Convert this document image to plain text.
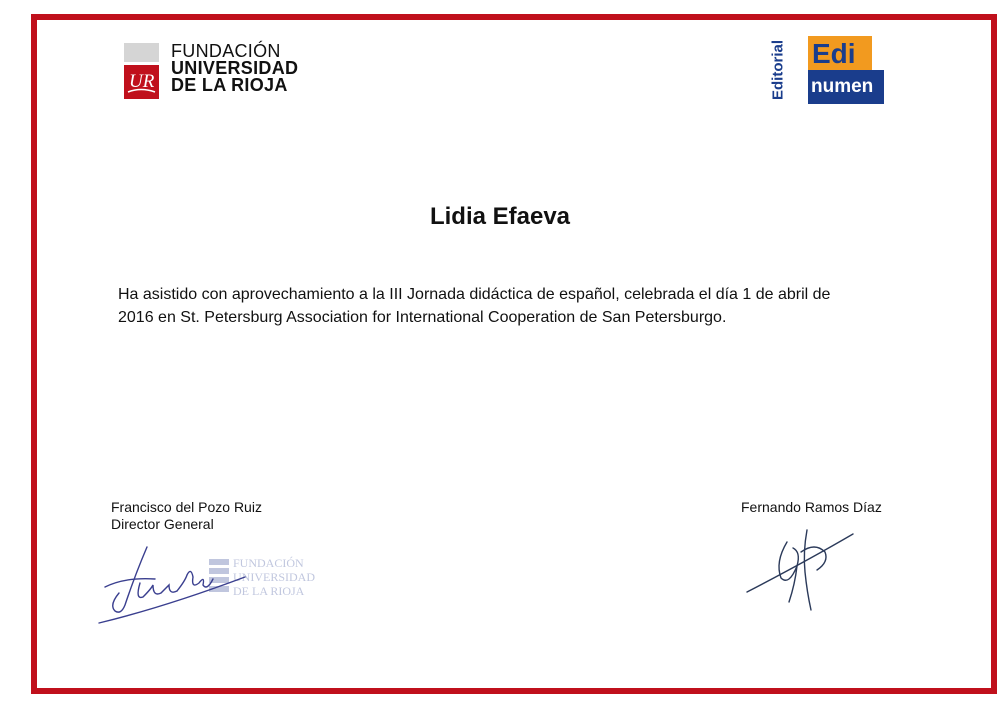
UR
FUNDACIÓN
UNIVERSIDAD
DE LA RIOJA	Editorial Edi
numen
Lidia Efaeva
Ha asistido con aprovechamiento a la III Jornada didáctica de español, celebrada el día 1 de abril de
2016 en St. Petersburg Association for International Cooperation de San Petersburgo.
Francisco del Pozo Ruiz
Director General
Fernando Ramos Díaz
FUNDACIÓN
UNIVERSIDAD
DE LA RIOJA
